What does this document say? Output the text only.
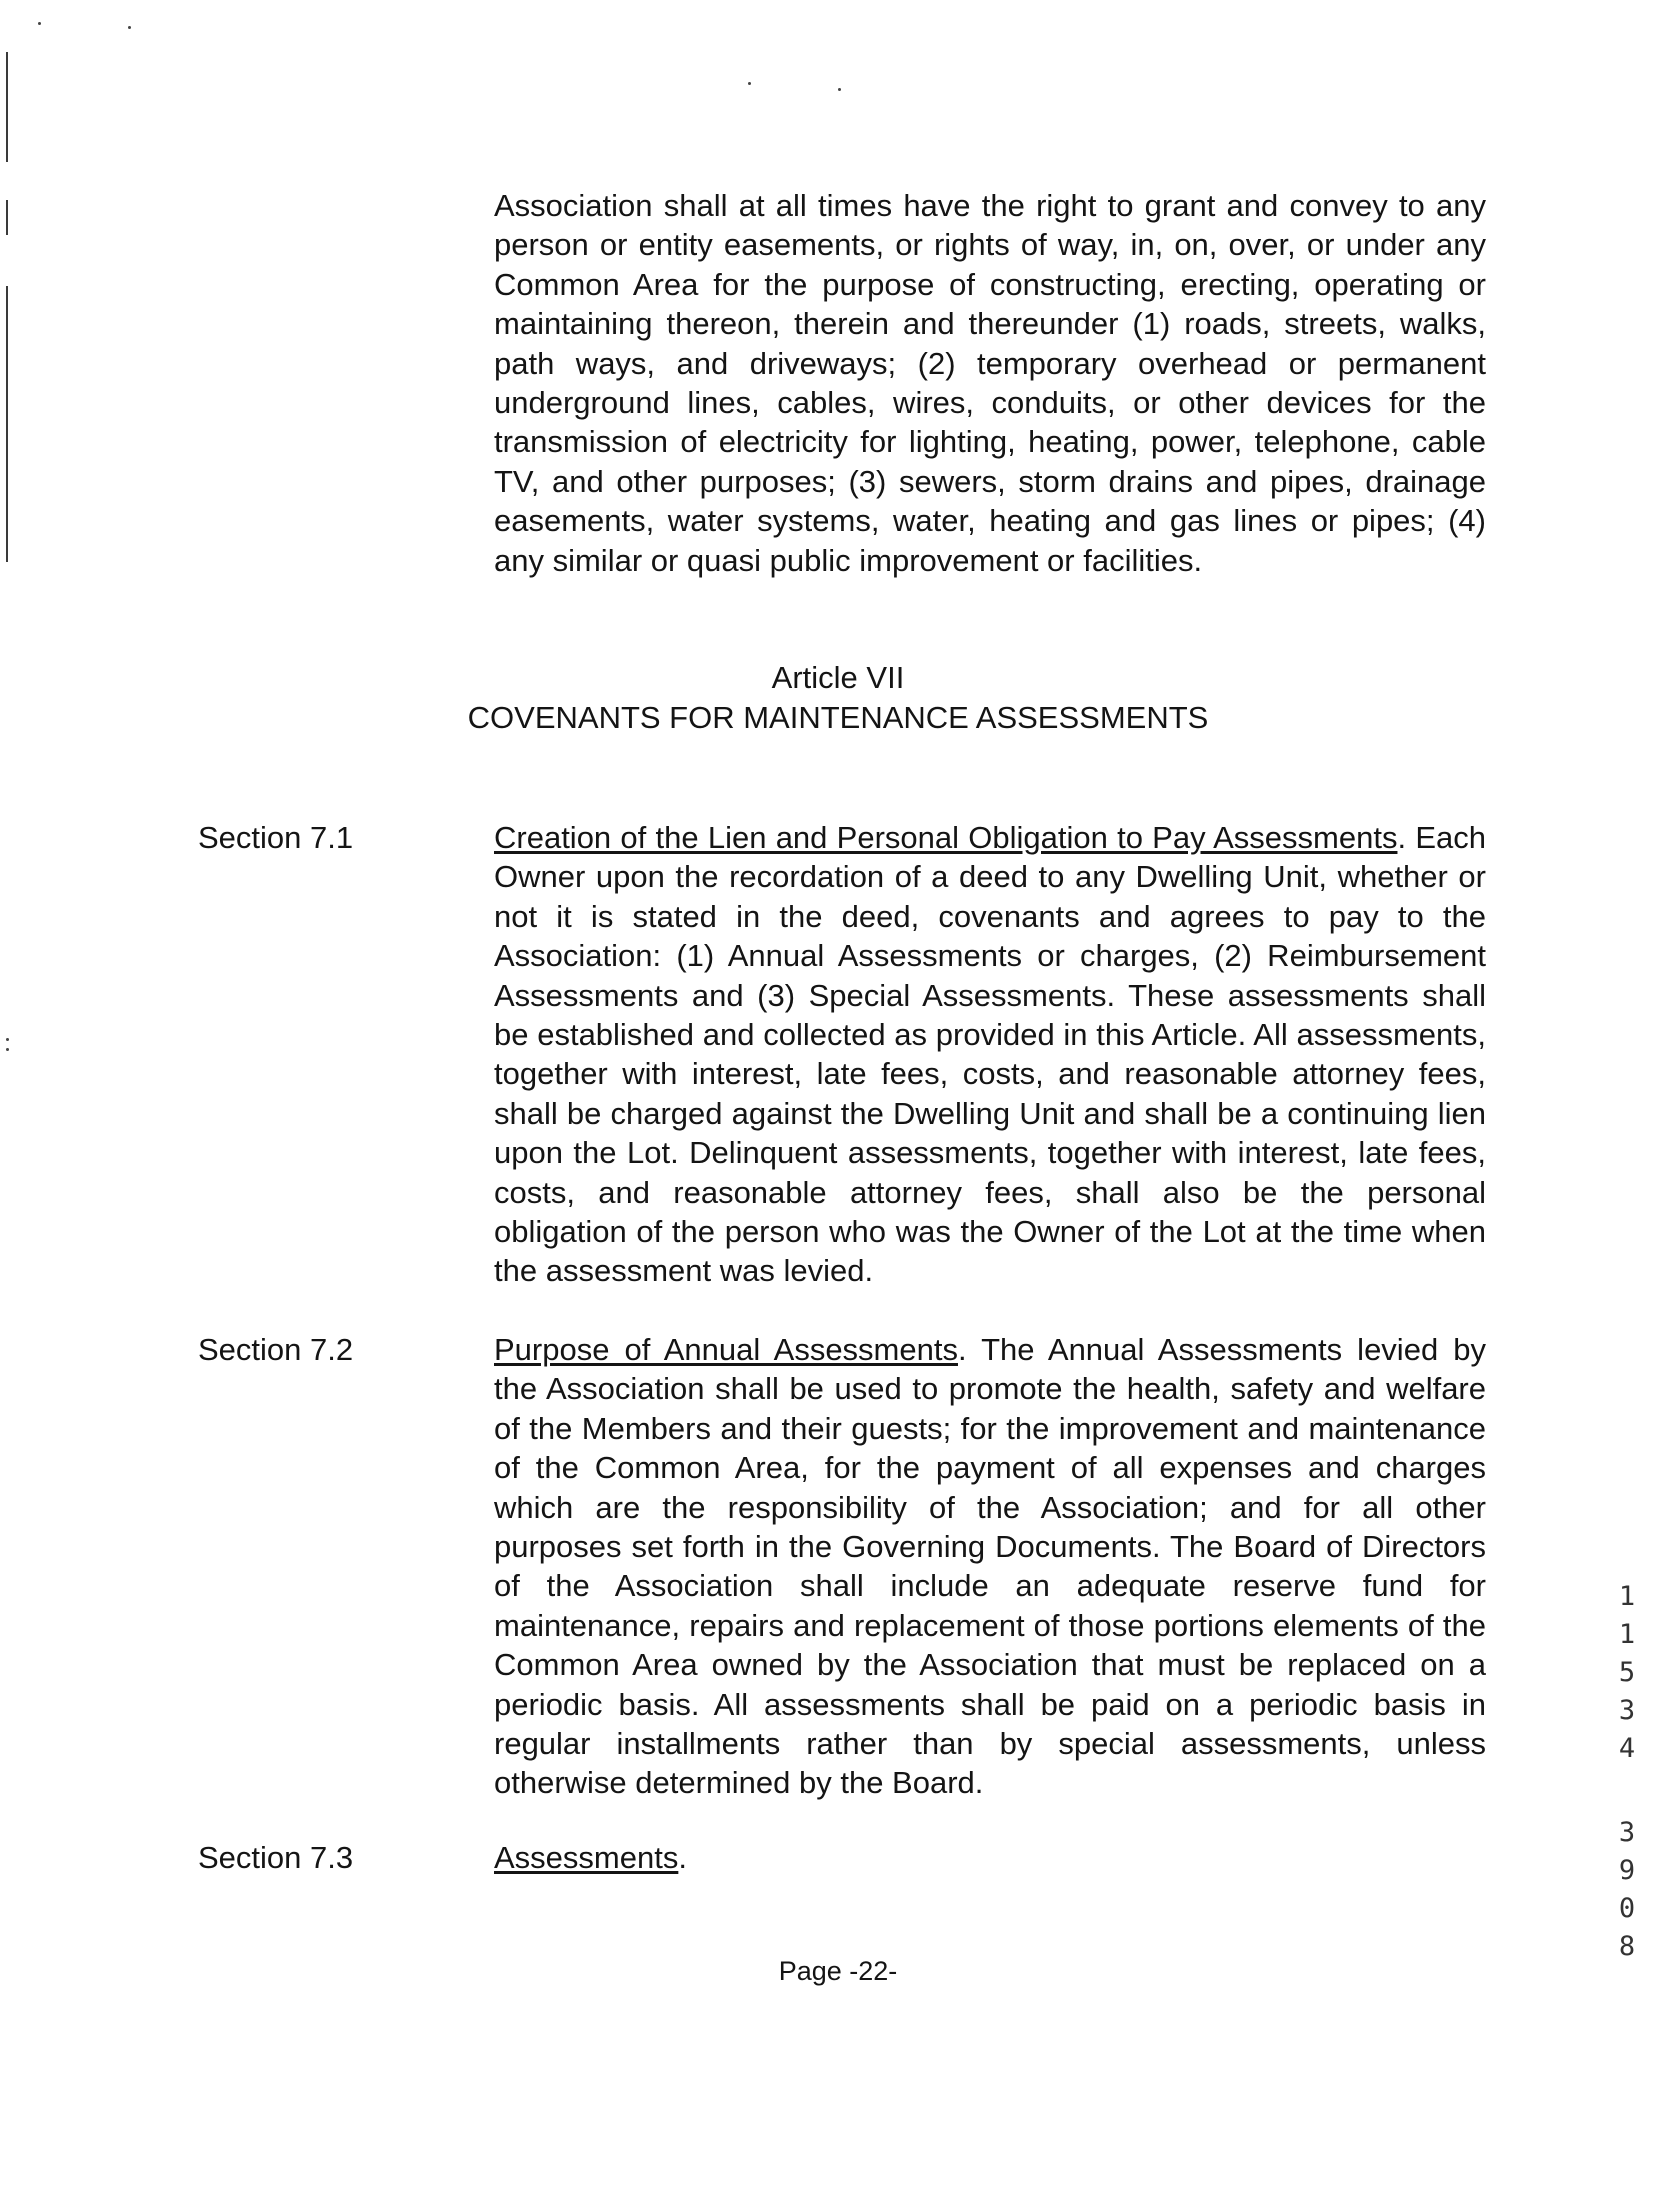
Association shall at all times have the right to grant and convey to any person or entity easements, or rights of way, in, on, over, or under any Common Area for the purpose of constructing, erecting, operating or maintaining thereon, therein and thereunder (1) roads, streets, walks, path ways, and driveways; (2) temporary overhead or permanent underground lines, cables, wires, conduits, or other devices for the transmission of electricity for lighting, heating, power, telephone, cable TV, and other purposes; (3) sewers, storm drains and pipes, drainage easements, water systems, water, heating and gas lines or pipes; (4) any similar or quasi public improvement or facilities.

Article VII
COVENANTS FOR MAINTENANCE ASSESSMENTS
Section 7.1	Creation of the Lien and Personal Obligation to Pay Assessments. Each Owner upon the recordation of a deed to any Dwelling Unit, whether or not it is stated in the deed, covenants and agrees to pay to the Association: (1) Annual Assessments or charges, (2) Reimbursement Assessments and (3) Special Assessments. These assessments shall be established and collected as provided in this Article. All assessments, together with interest, late fees, costs, and reasonable attorney fees, shall be charged against the Dwelling Unit and shall be a continuing lien upon the Lot. Delinquent assessments, together with interest, late fees, costs, and reasonable attorney fees, shall also be the personal obligation of the person who was the Owner of the Lot at the time when the assessment was levied.

Section 7.2	Purpose of Annual Assessments. The Annual Assessments levied by the Association shall be used to promote the health, safety and welfare of the Members and their guests; for the improvement and maintenance of the Common Area, for the payment of all expenses and charges which are the responsibility of the Association; and for all other purposes set forth in the Governing Documents. The Board of Directors of the Association shall include an adequate reserve fund for maintenance, repairs and replacement of those portions elements of the Common Area owned by the Association that must be replaced on a periodic basis. All assessments shall be paid on a periodic basis in regular installments rather than by special assessments, unless otherwise determined by the Board.

Section 7.3	Assessments.

1
1
5
3
4
3
9
0
8
Page -22-
